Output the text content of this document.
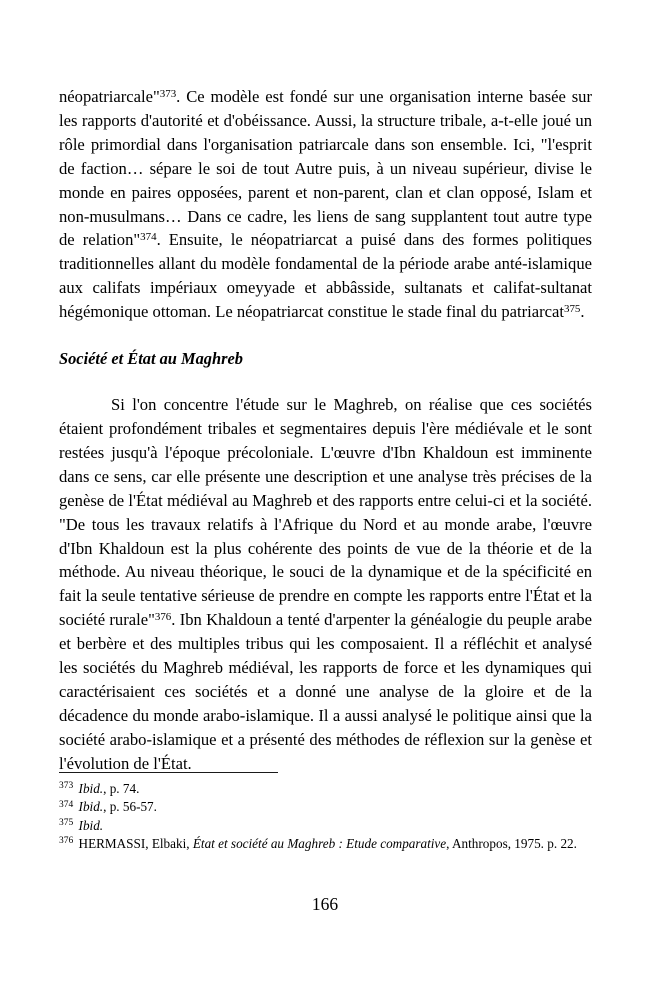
néopatriarcale"$^{373}$. Ce modèle est fondé sur une organisation interne basée sur les rapports d'autorité et d'obéissance. Aussi, la structure tribale, a-t-elle joué un rôle primordial dans l'organisation patriarcale dans son ensemble. Ici, "l'esprit de faction… sépare le soi de tout Autre puis, à un niveau supérieur, divise le monde en paires opposées, parent et non-parent, clan et clan opposé, Islam et non-musulmans… Dans ce cadre, les liens de sang supplantent tout autre type de relation"$^{374}$. Ensuite, le néopatriarcat a puisé dans des formes politiques traditionnelles allant du modèle fondamental de la période arabe anté-islamique aux califats impériaux omeyyade et abbâsside, sultanats et califat-sultanat hégémonique ottoman. Le néopatriarcat constitue le stade final du patriarcat$^{375}$.

Société et État au Maghreb

Si l'on concentre l'étude sur le Maghreb, on réalise que ces sociétés étaient profondément tribales et segmentaires depuis l'ère médiévale et le sont restées jusqu'à l'époque précoloniale. L'œuvre d'Ibn Khaldoun est imminente dans ce sens, car elle présente une description et une analyse très précises de la genèse de l'État médiéval au Maghreb et des rapports entre celui-ci et la société. "De tous les travaux relatifs à l'Afrique du Nord et au monde arabe, l'œuvre d'Ibn Khaldoun est la plus cohérente des points de vue de la théorie et de la méthode. Au niveau théorique, le souci de la dynamique et de la spécificité en fait la seule tentative sérieuse de prendre en compte les rapports entre l'État et la société rurale"$^{376}$. Ibn Khaldoun a tenté d'arpenter la généalogie du peuple arabe et berbère et des multiples tribus qui les composaient. Il a réfléchit et analysé les sociétés du Maghreb médiéval, les rapports de force et les dynamiques qui caractérisaient ces sociétés et a donné une analyse de la gloire et de la décadence du monde arabo-islamique. Il a aussi analysé le politique ainsi que la société arabo-islamique et a présenté des méthodes de réflexion sur la genèse et l'évolution de l'État.

$^{373}$ Ibid., p. 74.

$^{374}$ Ibid., p. 56-57.

$^{375}$ Ibid.

$^{376}$ HERMASSI, Elbaki, État et société au Maghreb : Etude comparative, Anthropos, 1975. p. 22.

166
